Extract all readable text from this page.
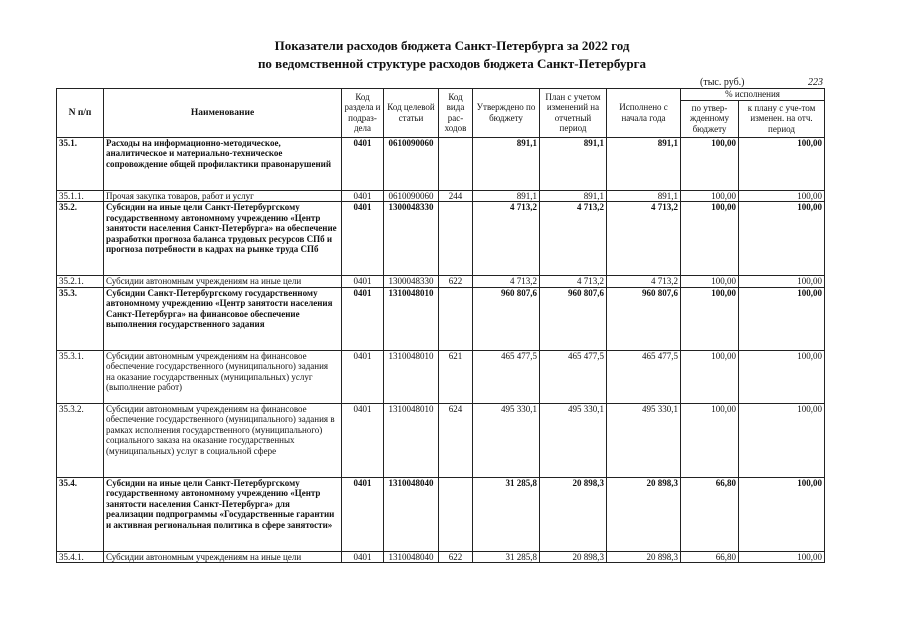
Показатели расходов бюджета Санкт-Петербурга за 2022 год
по ведомственной структуре расходов бюджета Санкт-Петербурга
(тыс. руб.)	223
N п/п	Наименование	Код раздела и подраз-дела	Код целевой статьи	Код вида рас-ходов	Утверждено по бюджету	План с учетом изменений на отчетный период	Исполнено с начала года	% исполнения	
								по утвер-жденному бюджету	к плану с уче-том изменен. на отч. период
35.1.	Расходы на информационно-методическое, аналитическое и материально-техническое сопровождение общей профилактики правонарушений	0401	0610090060		891,1	891,1	891,1	100,00	100,00
35.1.1.	Прочая закупка товаров, работ и услуг	0401	0610090060	244	891,1	891,1	891,1	100,00	100,00
35.2.	Субсидии на иные цели Санкт-Петербургскому государственному автономному учреждению «Центр занятости населения Санкт-Петербурга» на обеспечение разработки прогноза баланса трудовых ресурсов СПб и прогноза потребности в кадрах на рынке труда СПб	0401	1300048330		4 713,2	4 713,2	4 713,2	100,00	100,00
35.2.1.	Субсидии автономным учреждениям на иные цели	0401	1300048330	622	4 713,2	4 713,2	4 713,2	100,00	100,00
35.3.	Субсидии Санкт-Петербургскому государственному автономному учреждению «Центр занятости населения Санкт-Петербурга» на финансовое обеспечение выполнения государственного задания	0401	1310048010		960 807,6	960 807,6	960 807,6	100,00	100,00
35.3.1.	Субсидии автономным учреждениям на финансовое обеспечение государственного (муниципального) задания на оказание государственных (муниципальных) услуг (выполнение работ)	0401	1310048010	621	465 477,5	465 477,5	465 477,5	100,00	100,00
35.3.2.	Субсидии автономным учреждениям на финансовое обеспечение государственного (муниципального) задания в рамках исполнения государственного (муниципального) социального заказа на оказание государственных (муниципальных) услуг в социальной сфере	0401	1310048010	624	495 330,1	495 330,1	495 330,1	100,00	100,00
35.4.	Субсидии на иные цели Санкт-Петербургскому государственному автономному учреждению «Центр занятости населения Санкт-Петербурга» для реализации подпрограммы «Государственные гарантии и активная региональная политика в сфере занятости»	0401	1310048040		31 285,8	20 898,3	20 898,3	66,80	100,00
35.4.1.	Субсидии автономным учреждениям на иные цели	0401	1310048040	622	31 285,8	20 898,3	20 898,3	66,80	100,00
